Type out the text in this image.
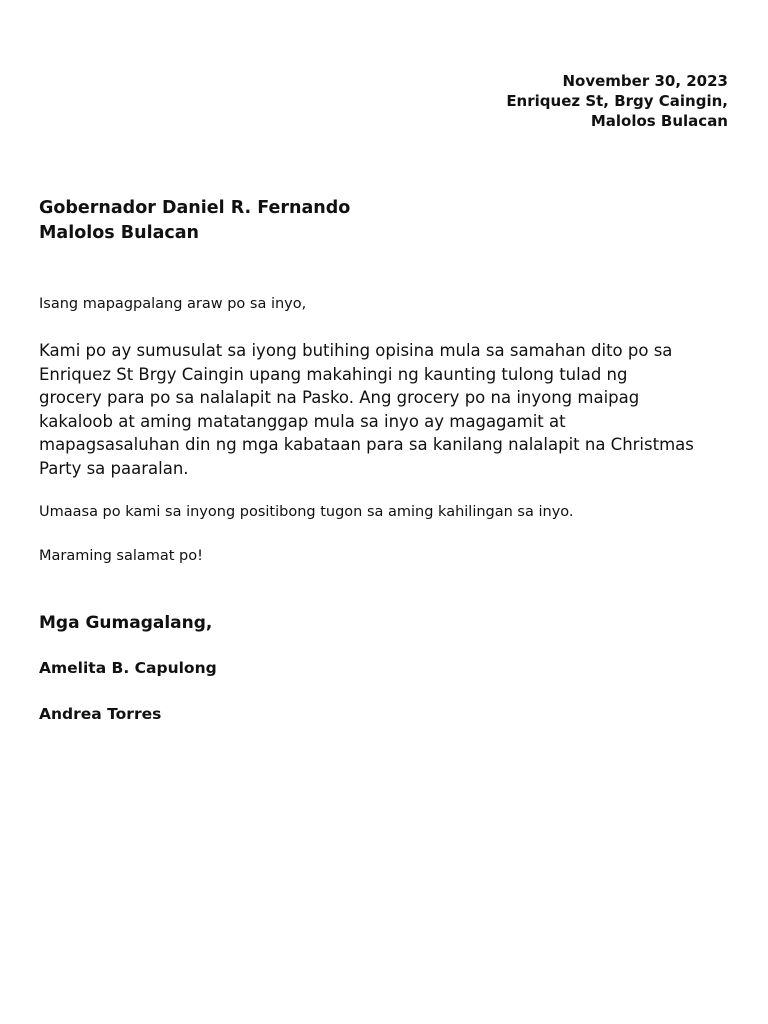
November 30, 2023
Enriquez St, Brgy Caingin,
Malolos Bulacan
Gobernador Daniel R. Fernando
Malolos Bulacan
Isang mapagpalang araw po sa inyo,
Kami po ay sumusulat sa iyong butihing opisina mula sa samahan dito po sa
Enriquez St Brgy Caingin upang makahingi ng kaunting tulong tulad ng
grocery para po sa nalalapit na Pasko. Ang grocery po na inyong maipag
kakaloob at aming matatanggap mula sa inyo ay magagamit at
mapagsasaluhan din ng mga kabataan para sa kanilang nalalapit na Christmas
Party sa paaralan.
Umaasa po kami sa inyong positibong tugon sa aming kahilingan sa inyo.
Maraming salamat po!
Mga Gumagalang,
Amelita B. Capulong
Andrea Torres
